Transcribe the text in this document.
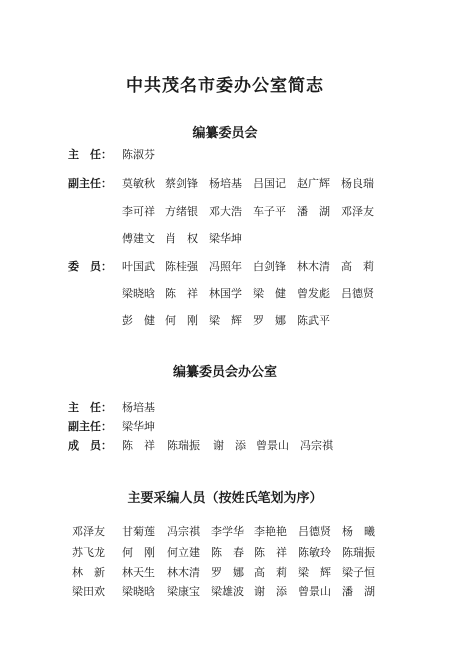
中共茂名市委办公室简志
编纂委员会
主　任： 陈淑芬
副主任： 莫敏秋 蔡剑锋 杨培基 吕国记 赵广辉 杨良瑞
李可祥 方绪银 邓大浩 车子平 潘　湖 邓泽友
傅建文 肖　权 梁华坤
委　员： 叶国武 陈桂强 冯照年 白剑锋 林木清 高　莉
梁晓晗 陈　祥 林国学 梁　健 曾发彪 吕德贤
彭　健 何　刚 梁　辉 罗　娜 陈武平
编纂委员会办公室
主　任： 杨培基
副主任： 梁华坤
成　员： 陈　祥 陈瑞振 谢　添 曾景山 冯宗祺
主要采编人员（按姓氏笔划为序）
邓泽友 甘菊莲 冯宗祺 李学华 李艳艳 吕德贤 杨　曦
苏飞龙 何　刚 何立建 陈　春 陈　祥 陈敏玲 陈瑞振
林　新 林天生 林木清 罗　娜 高　莉 梁　辉 梁子恒
梁田欢 梁晓晗 梁康宝 梁雄波 谢　添 曾景山 潘　湖
